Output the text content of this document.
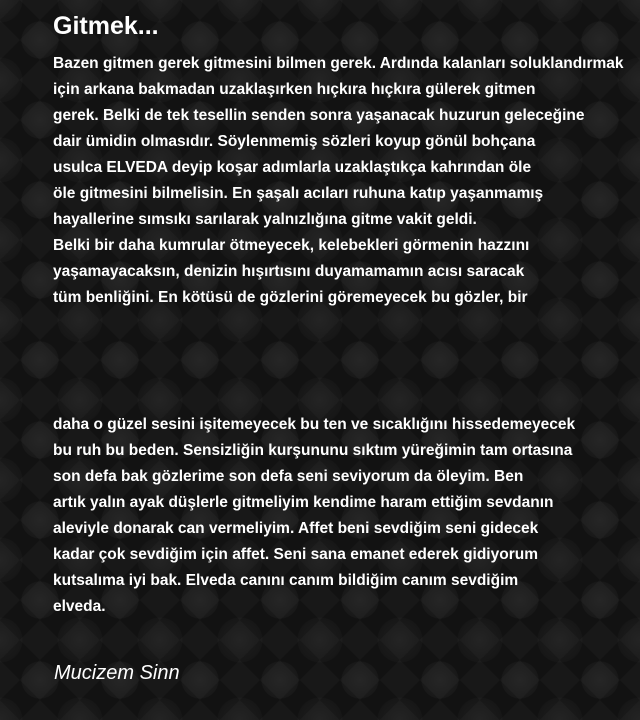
Gitmek...
Bazen gitmen gerek gitmesini bilmen gerek. Ardında kalanları soluklandırmak
için arkana bakmadan uzaklaşırken hıçkıra hıçkıra gülerek gitmen
gerek. Belki de tek tesellin senden sonra yaşanacak huzurun geleceğine
dair ümidin olmasıdır. Söylenmemiş sözleri koyup gönül bohçana
usulca ELVEDA deyip koşar adımlarla uzaklaştıkça kahrından öle
öle gitmesini bilmelisin. En şaşalı acıları ruhuna katıp yaşanmamış
hayallerine sımsıkı sarılarak yalnızlığına gitme vakit geldi.
Belki bir daha kumrular ötmeyecek, kelebekleri görmenin hazzını
yaşamayacaksın, denizin hışırtısını duyamamamın acısı saracak
tüm benliğini. En kötüsü de gözlerini göremeyecek bu gözler, bir
daha o güzel sesini işitemeyecek bu ten ve sıcaklığını hissedemeyecek
bu ruh bu beden. Sensizliğin kurşununu sıktım yüreğimin tam ortasına
son defa bak gözlerime son defa seni seviyorum da öleyim. Ben
artık yalın ayak düşlerle gitmeliyim kendime haram ettiğim sevdanın
aleviyle donarak can vermeliyim. Affet beni sevdiğim seni gidecek
kadar çok sevdiğim için affet. Seni sana emanet ederek gidiyorum
kutsalıma iyi bak. Elveda canını canım bildiğim canım sevdiğim
elveda.

Mucizem Sinn
